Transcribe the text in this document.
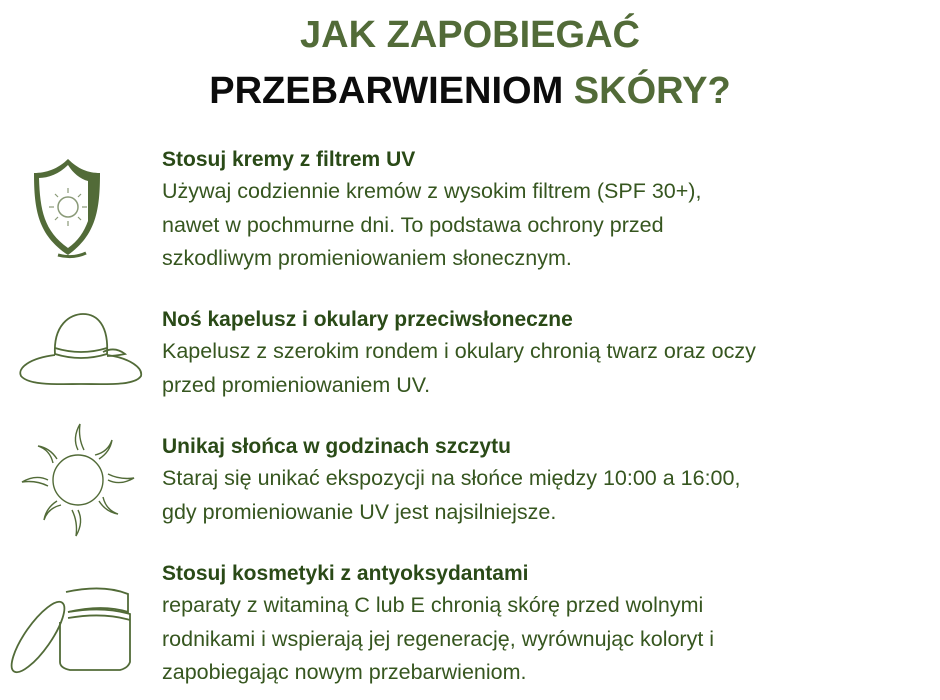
JAK ZAPOBIEGAĆ
PRZEBARWIENIOM SKÓRY?
Stosuj kremy z filtrem UV

Używaj codziennie kremów z wysokim filtrem (SPF 30+),

nawet w pochmurne dni. To podstawa ochrony przed

szkodliwym promieniowaniem słonecznym.

Noś kapelusz i okulary przeciwsłoneczne

Kapelusz z szerokim rondem i okulary chronią twarz oraz oczy

przed promieniowaniem UV.

Unikaj słońca w godzinach szczytu

Staraj się unikać ekspozycji na słońce między 10:00 a 16:00,

gdy promieniowanie UV jest najsilniejsze.

Stosuj kosmetyki z antyoksydantami

reparaty z witaminą C lub E chronią skórę przed wolnymi

rodnikami i wspierają jej regenerację, wyrównując koloryt i

zapobiegając nowym przebarwieniom.
